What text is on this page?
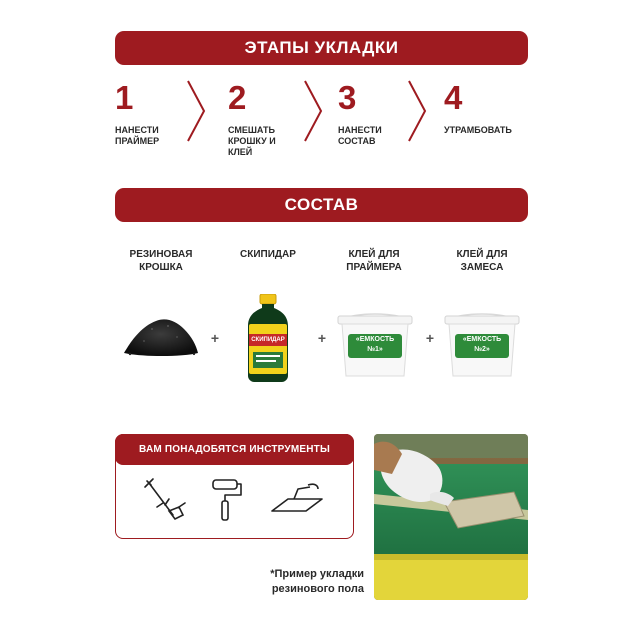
ЭТАПЫ УКЛАДКИ
1
НАНЕСТИ
ПРАЙМЕР
2
СМЕШАТЬ
КРОШКУ И
КЛЕЙ
3
НАНЕСТИ
СОСТАВ
4
УТРАМБОВАТЬ
СОСТАВ
РЕЗИНОВАЯ
КРОШКА
СКИПИДАР	КЛЕЙ ДЛЯ
ПРАЙМЕРА
КЛЕЙ ДЛЯ
ЗАМЕСА
+	СКИПИДАР +	«ЕМКОСТЬ
№1»
+	«ЕМКОСТЬ
№2»
ВАМ ПОНАДОБЯТСЯ ИНСТРУМЕНТЫ
*Пример укладки
резинового пола
